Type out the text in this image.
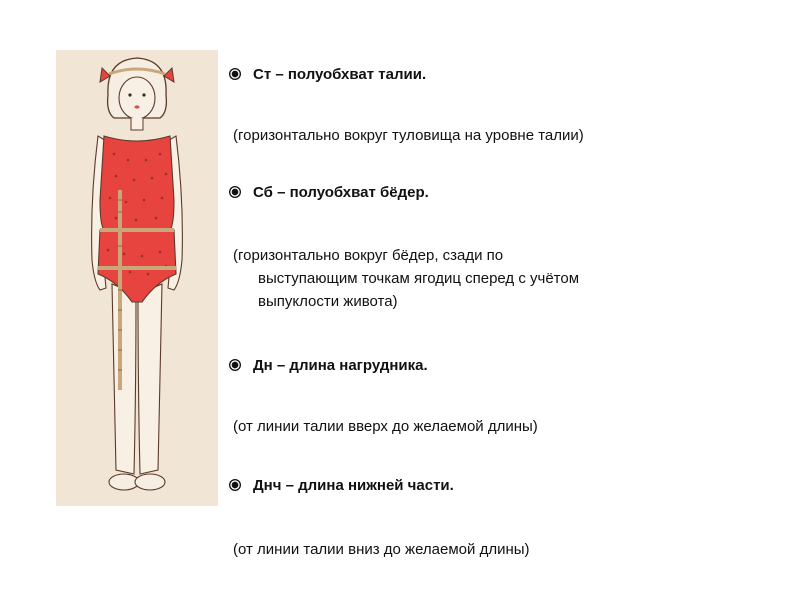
Ст – полуобхват талии.
(горизонтально вокруг туловища на уровне талии)
Сб – полуобхват бёдер.
(горизонтально вокруг бёдер, сзади по
выступающим точкам ягодиц сперед с учётом
выпуклости живота)
Дн – длина нагрудника.
(от линии талии вверх до желаемой длины)
Днч – длина нижней части.
(от линии талии вниз до желаемой длины)
